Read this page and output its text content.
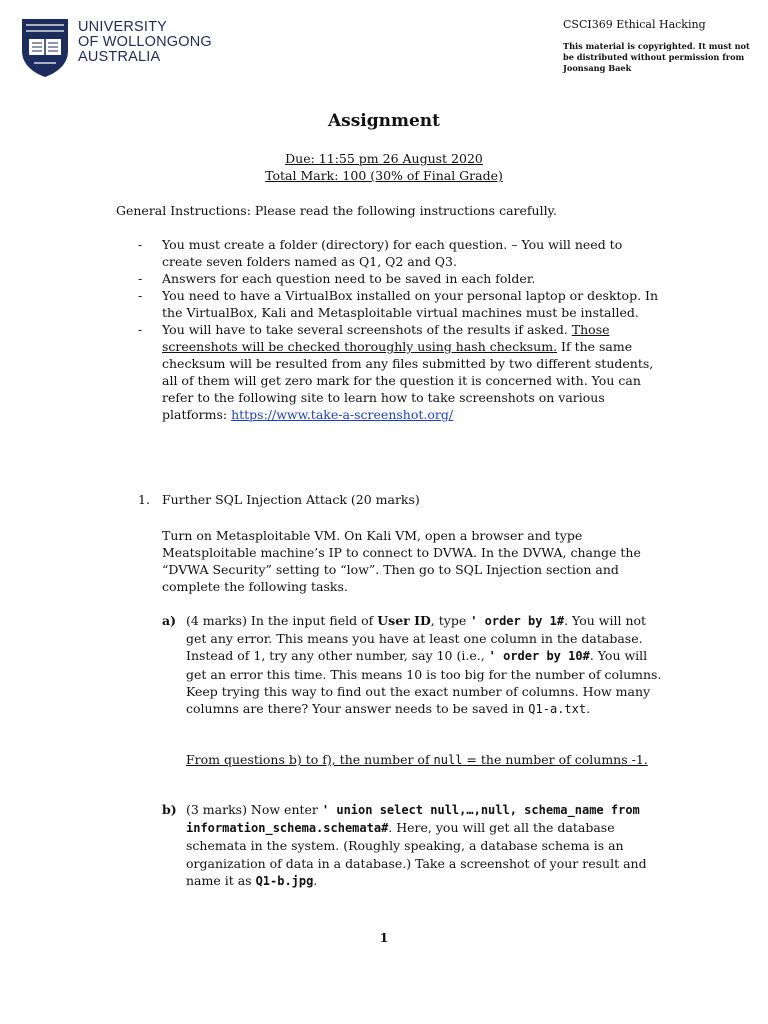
UNIVERSITY
OF WOLLONGONG
AUSTRALIA
CSCI369 Ethical Hacking
This material is copyrighted. It must not be distributed without permission from Joonsang Baek
Assignment
Due: 11:55 pm 26 August 2020
Total Mark: 100 (30% of Final Grade)
General Instructions: Please read the following instructions carefully.
-	You must create a folder (directory) for each question. – You will need to create seven folders named as Q1, Q2 and Q3.
-	Answers for each question need to be saved in each folder.
-	You need to have a VirtualBox installed on your personal laptop or desktop. In the VirtualBox, Kali and Metasploitable virtual machines must be installed.
-	You will have to take several screenshots of the results if asked. Those screenshots will be checked thoroughly using hash checksum. If the same checksum will be resulted from any files submitted by two different students, all of them will get zero mark for the question it is concerned with. You can refer to the following site to learn how to take screenshots on various platforms: https://www.take-a-screenshot.org/
1. Further SQL Injection Attack (20 marks)
Turn on Metasploitable VM. On Kali VM, open a browser and type Meatsploitable machine’s IP to connect to DVWA. In the DVWA, change the “DVWA Security” setting to “low”. Then go to SQL Injection section and complete the following tasks.
a) (4 marks) In the input field of User ID, type ' order by 1#. You will not get any error. This means you have at least one column in the database. Instead of 1, try any other number, say 10 (i.e., ' order by 10#. You will get an error this time. This means 10 is too big for the number of columns. Keep trying this way to find out the exact number of columns. How many columns are there? Your answer needs to be saved in Q1-a.txt.
From questions b) to f), the number of null = the number of columns -1.
b) (3 marks) Now enter ' union select null,…,null, schema_name from information_schema.schemata#. Here, you will get all the database schemata in the system. (Roughly speaking, a database schema is an organization of data in a database.) Take a screenshot of your result and name it as Q1-b.jpg.
1
